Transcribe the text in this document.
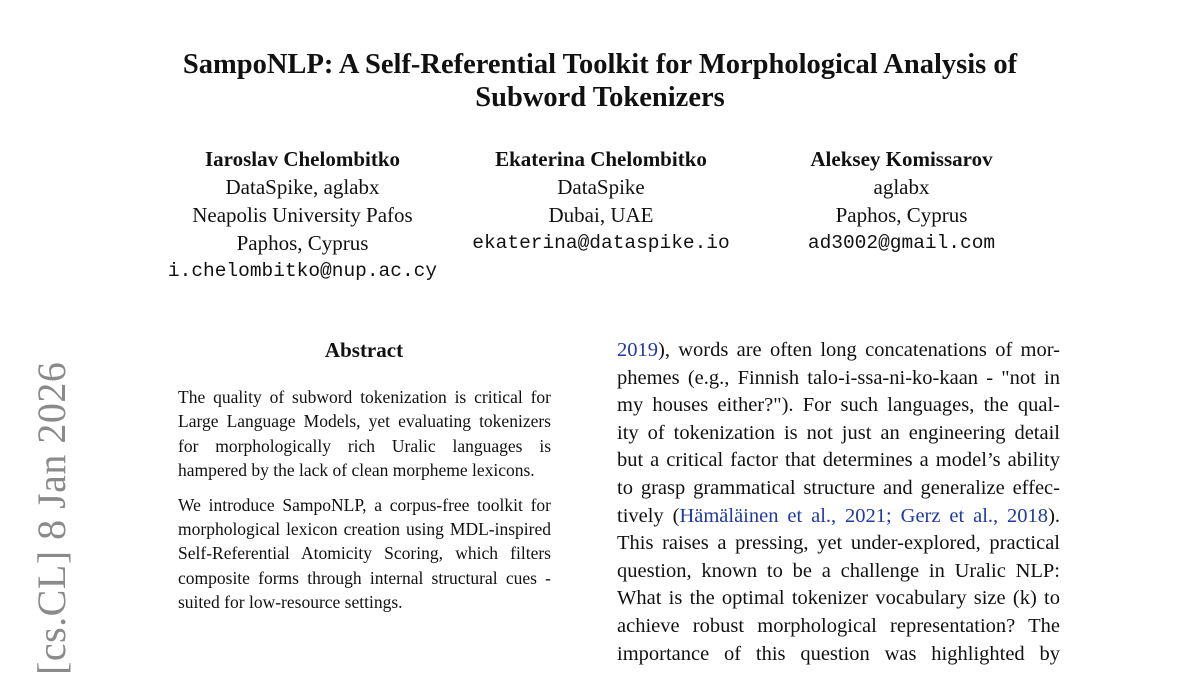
[cs.CL] 8 Jan 2026
SampoNLP: A Self-Referential Toolkit for Morphological Analysis of
Subword Tokenizers
Iaroslav Chelombitko
DataSpike, aglabx
Neapolis University Pafos
Paphos, Cyprus
i.chelombitko@nup.ac.cy
Ekaterina Chelombitko
DataSpike
Dubai, UAE
ekaterina@dataspike.io
Aleksey Komissarov
aglabx
Paphos, Cyprus
ad3002@gmail.com
Abstract

The quality of subword tokenization is critical for Large Language Models, yet evaluating tokenizers for morphologically rich Uralic languages is hampered by the lack of clean morpheme lexicons.

We introduce SampoNLP, a corpus-free toolkit for morphological lexicon creation using MDL-inspired Self-Referential Atomicity Scoring, which filters composite forms through internal structural cues - suited for low-resource settings.

2019), words are often long concatenations of mor-
phemes (e.g., Finnish talo-i-ssa-ni-ko-kaan - "not in
my houses either?"). For such languages, the qual-
ity of tokenization is not just an engineering detail
but a critical factor that determines a model’s ability
to grasp grammatical structure and generalize effec-
tively (Hämäläinen et al., 2021; Gerz et al., 2018).
This raises a pressing, yet under-explored, practical
question, known to be a challenge in Uralic NLP:
What is the optimal tokenizer vocabulary size (k) to
achieve robust morphological representation? The
importance of this question was highlighted by
